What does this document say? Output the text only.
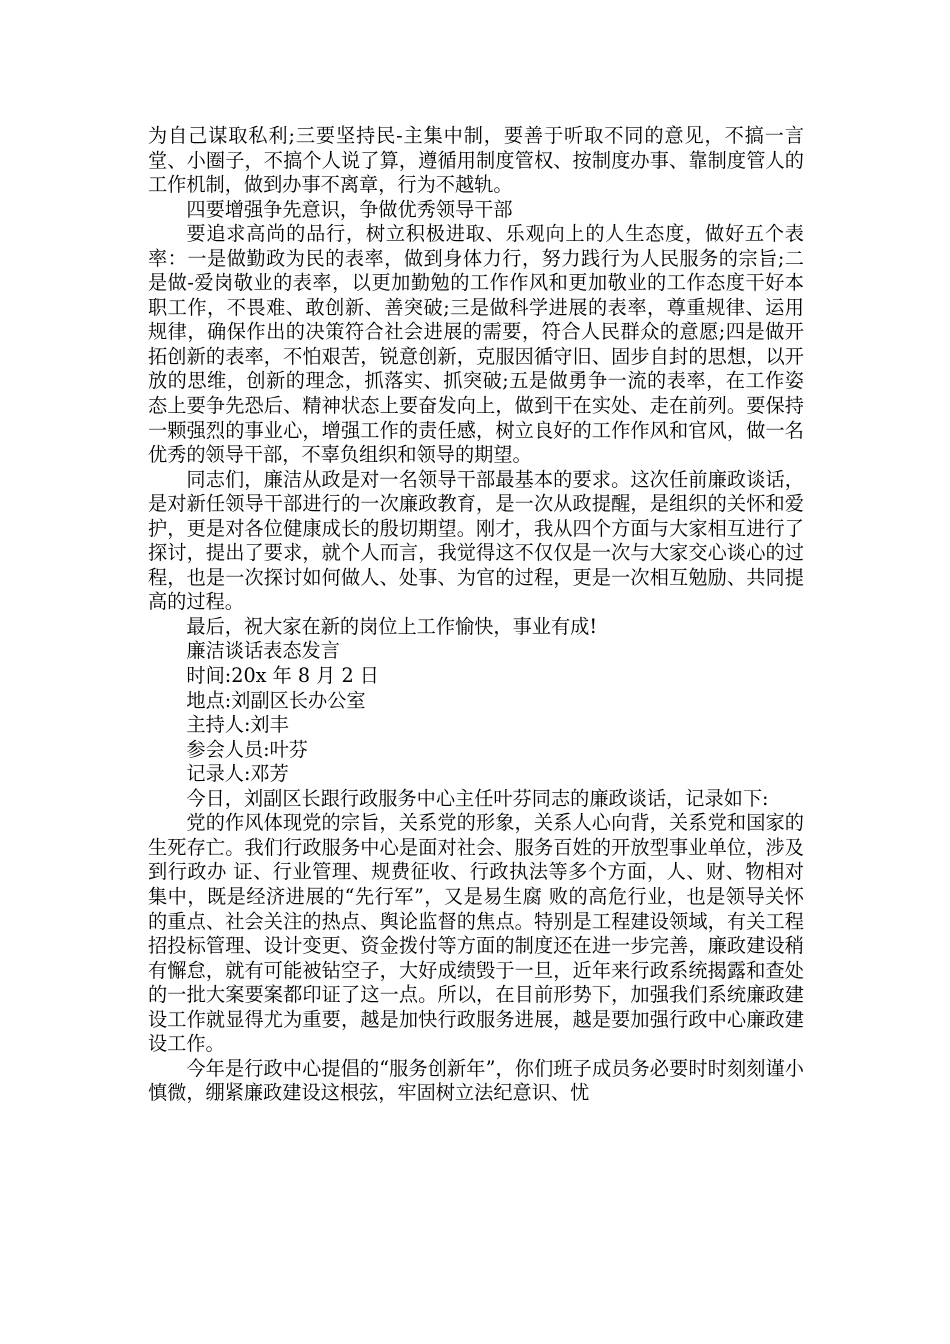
为自己谋取私利;三要坚持民-主集中制，要善于听取不同的意见，不搞一言堂、小圈子，不搞个人说了算，遵循用制度管权、按制度办事、靠制度管人的工作机制，做到办事不离章，行为不越轨。

四要增强争先意识，争做优秀领导干部

要追求高尚的品行，树立积极进取、乐观向上的人生态度，做好五个表率：一是做勤政为民的表率，做到身体力行，努力践行为人民服务的宗旨;二是做-爱岗敬业的表率，以更加勤勉的工作作风和更加敬业的工作态度干好本职工作，不畏难、敢创新、善突破;三是做科学进展的表率，尊重规律、运用规律，确保作出的决策符合社会进展的需要，符合人民群众的意愿;四是做开拓创新的表率，不怕艰苦，锐意创新，克服因循守旧、固步自封的思想，以开放的思维，创新的理念，抓落实、抓突破;五是做勇争一流的表率，在工作姿态上要争先恐后、精神状态上要奋发向上，做到干在实处、走在前列。要保持一颗强烈的事业心，增强工作的责任感，树立良好的工作作风和官风，做一名优秀的领导干部，不辜负组织和领导的期望。

同志们，廉洁从政是对一名领导干部最基本的要求。这次任前廉政谈话，是对新任领导干部进行的一次廉政教育，是一次从政提醒，是组织的关怀和爱护，更是对各位健康成长的殷切期望。刚才，我从四个方面与大家相互进行了探讨，提出了要求，就个人而言，我觉得这不仅仅是一次与大家交心谈心的过程，也是一次探讨如何做人、处事、为官的过程，更是一次相互勉励、共同提高的过程。

最后，祝大家在新的岗位上工作愉快，事业有成!

廉洁谈话表态发言

时间:20x 年 8 月 2 日

地点:刘副区长办公室

主持人:刘丰

参会人员:叶芬

记录人:邓芳

今日，刘副区长跟行政服务中心主任叶芬同志的廉政谈话，记录如下:

党的作风体现党的宗旨，关系党的形象，关系人心向背，关系党和国家的生死存亡。我们行政服务中心是面对社会、服务百姓的开放型事业单位，涉及到行政办 证、行业管理、规费征收、行政执法等多个方面，人、财、物相对集中，既是经济进展的“先行军”，又是易生腐 败的高危行业，也是领导关怀的重点、社会关注的热点、舆论监督的焦点。特别是工程建设领域，有关工程招投标管理、设计变更、资金拨付等方面的制度还在进一步完善，廉政建设稍有懈怠，就有可能被钻空子，大好成绩毁于一旦，近年来行政系统揭露和查处的一批大案要案都印证了这一点。所以，在目前形势下，加强我们系统廉政建设工作就显得尤为重要，越是加快行政服务进展，越是要加强行政中心廉政建设工作。

今年是行政中心提倡的“服务创新年”，你们班子成员务必要时时刻刻谨小慎微，绷紧廉政建设这根弦，牢固树立法纪意识、忧
